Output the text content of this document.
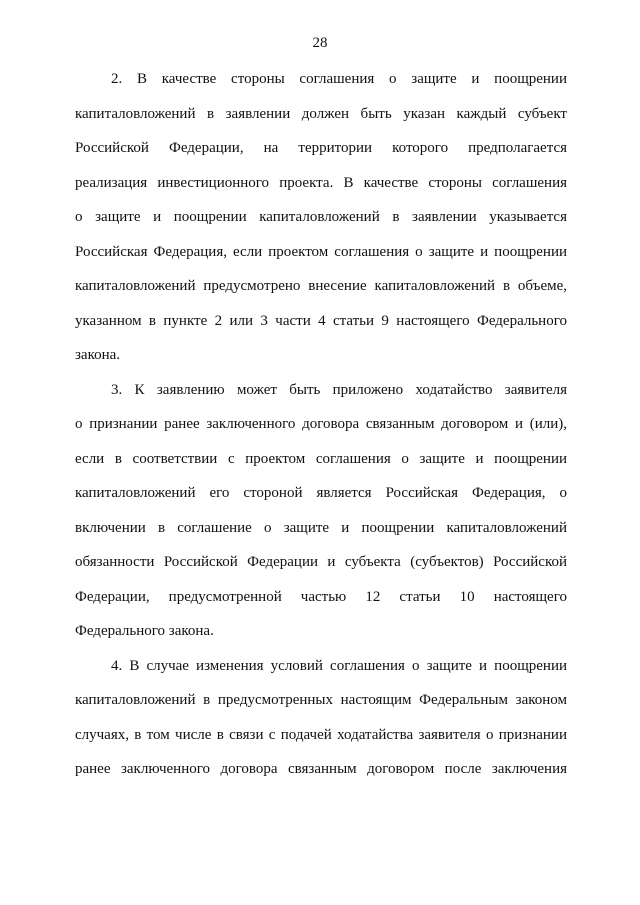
28
2. В качестве стороны соглашения о защите и поощрении
капиталовложений в заявлении должен быть указан каждый субъект
Российской Федерации, на территории которого предполагается
реализация инвестиционного проекта. В качестве стороны соглашения
о защите и поощрении капиталовложений в заявлении указывается
Российская Федерация, если проектом соглашения о защите и поощрении
капиталовложений предусмотрено внесение капиталовложений в объеме,
указанном в пункте 2 или 3 части 4 статьи 9 настоящего Федерального
закона.
3. К заявлению может быть приложено ходатайство заявителя
о признании ранее заключенного договора связанным договором и (или),
если в соответствии с проектом соглашения о защите и поощрении
капиталовложений его стороной является Российская Федерация, о
включении в соглашение о защите и поощрении капиталовложений
обязанности Российской Федерации и субъекта (субъектов) Российской
Федерации, предусмотренной частью 12 статьи 10 настоящего
Федерального закона.
4. В случае изменения условий соглашения о защите и поощрении
капиталовложений в предусмотренных настоящим Федеральным законом
случаях, в том числе в связи с подачей ходатайства заявителя о признании
ранее заключенного договора связанным договором после заключения
